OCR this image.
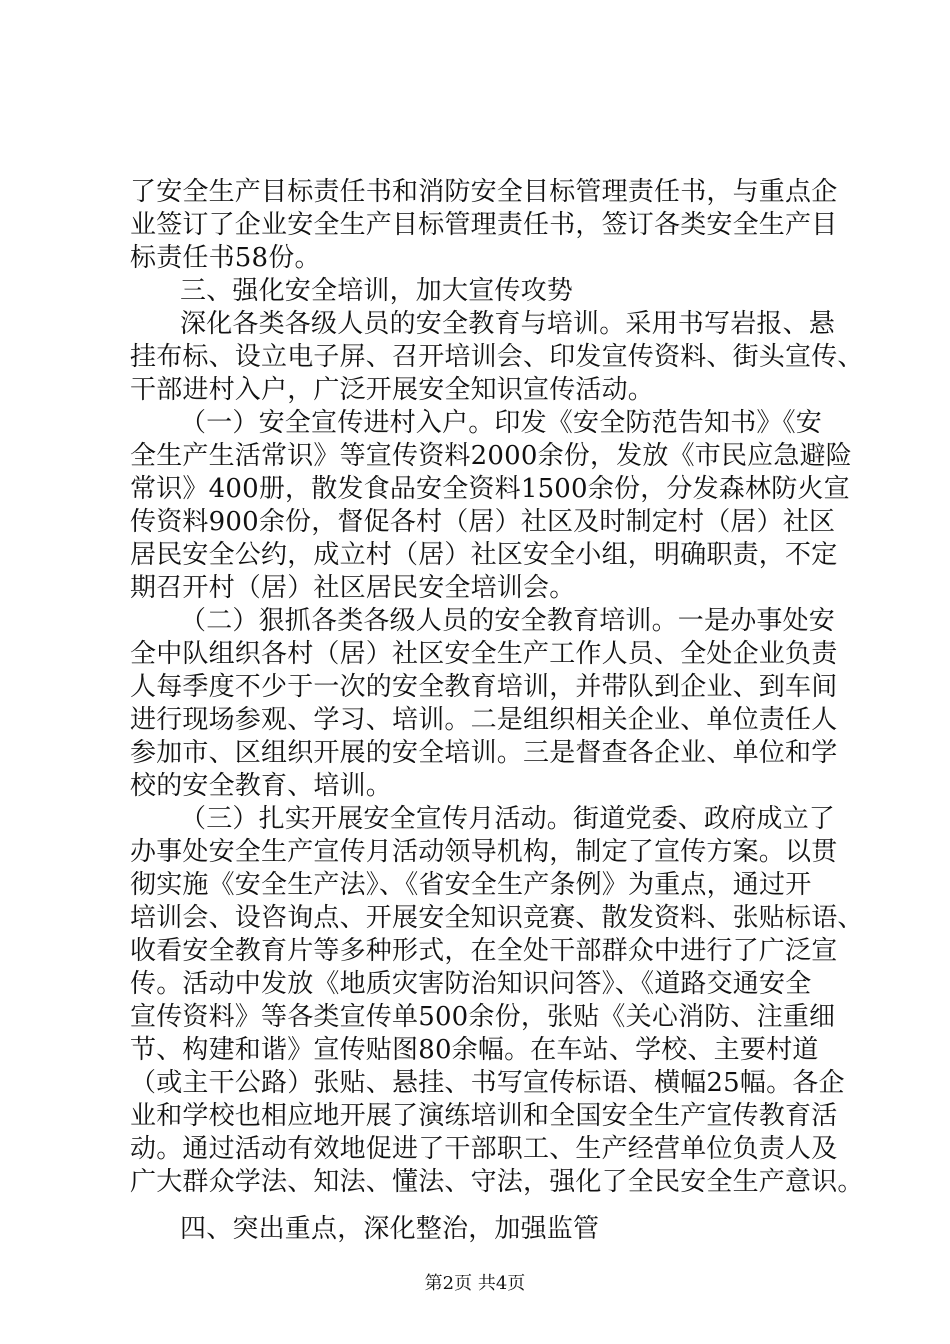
了安全生产目标责任书和消防安全目标管理责任书，与重点企
业签订了企业安全生产目标管理责任书，签订各类安全生产目
标责任书58份。
三、强化安全培训，加大宣传攻势
深化各类各级人员的安全教育与培训。采用书写岩报、悬
挂布标、设立电子屏、召开培训会、印发宣传资料、街头宣传、
干部进村入户，广泛开展安全知识宣传活动。
（一）安全宣传进村入户。印发《安全防范告知书》《安
全生产生活常识》等宣传资料2000余份，发放《市民应急避险
常识》400册，散发食品安全资料1500余份，分发森林防火宣
传资料900余份，督促各村（居）社区及时制定村（居）社区
居民安全公约，成立村（居）社区安全小组，明确职责，不定
期召开村（居）社区居民安全培训会。
（二）狠抓各类各级人员的安全教育培训。一是办事处安
全中队组织各村（居）社区安全生产工作人员、全处企业负责
人每季度不少于一次的安全教育培训，并带队到企业、到车间
进行现场参观、学习、培训。二是组织相关企业、单位责任人
参加市、区组织开展的安全培训。三是督查各企业、单位和学
校的安全教育、培训。
（三）扎实开展安全宣传月活动。街道党委、政府成立了
办事处安全生产宣传月活动领导机构，制定了宣传方案。以贯
彻实施《安全生产法》、《省安全生产条例》为重点，通过开
培训会、设咨询点、开展安全知识竞赛、散发资料、张贴标语、
收看安全教育片等多种形式，在全处干部群众中进行了广泛宣
传。活动中发放《地质灾害防治知识问答》、《道路交通安全
宣传资料》等各类宣传单500余份，张贴《关心消防、注重细
节、构建和谐》宣传贴图80余幅。在车站、学校、主要村道
（或主干公路）张贴、悬挂、书写宣传标语、横幅25幅。各企
业和学校也相应地开展了演练培训和全国安全生产宣传教育活
动。通过活动有效地促进了干部职工、生产经营单位负责人及
广大群众学法、知法、懂法、守法，强化了全民安全生产意识。
四、突出重点，深化整治，加强监管
第2页 共4页
